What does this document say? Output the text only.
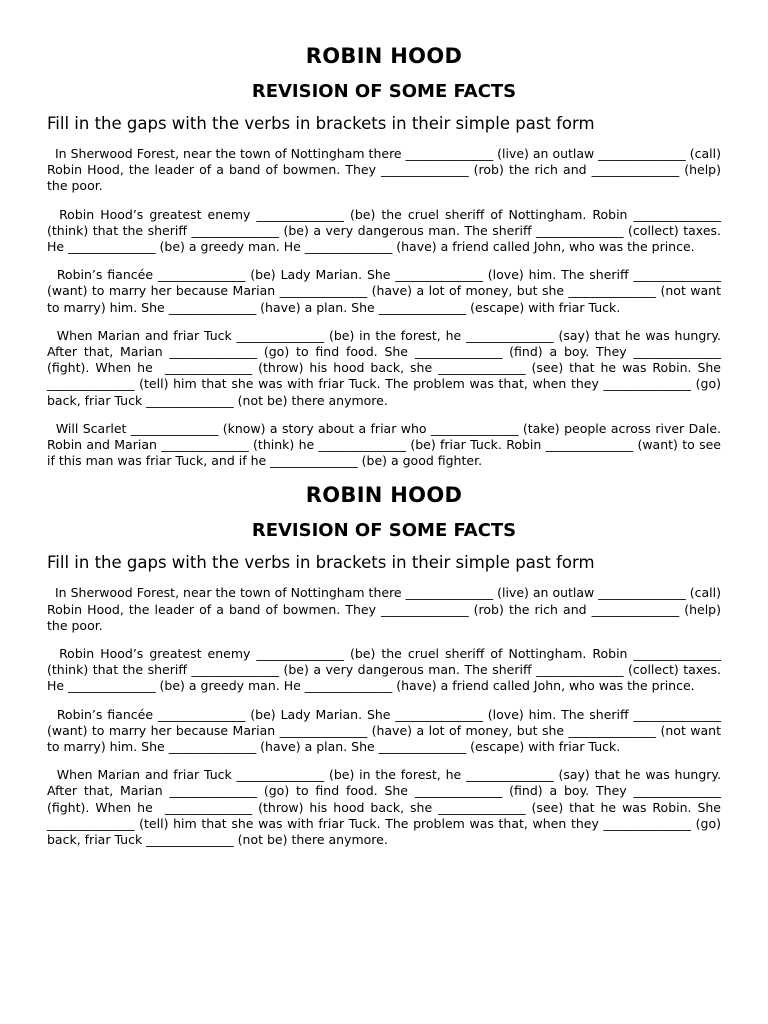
ROBIN HOOD
REVISION OF SOME FACTS

Fill in the gaps with the verbs in brackets in their simple past form

In Sherwood Forest, near the town of Nottingham there ______________ (live) an outlaw ______________ (call) Robin Hood, the leader of a band of bowmen. They ______________ (rob) the rich and ______________ (help) the poor.

Robin Hood’s greatest enemy ______________ (be) the cruel sheriff of Nottingham. Robin ______________ (think) that the sheriff ______________ (be) a very dangerous man. The sheriff ______________ (collect) taxes. He ______________ (be) a greedy man. He ______________ (have) a friend called John, who was the prince.

Robin’s fiancée ______________ (be) Lady Marian. She ______________ (love) him. The sheriff ______________ (want) to marry her because Marian ______________ (have) a lot of money, but she ______________ (not want to marry) him. She ______________ (have) a plan. She ______________ (escape) with friar Tuck.

When Marian and friar Tuck ______________ (be) in the forest, he ______________ (say) that he was hungry. After that, Marian ______________ (go) to find food. She ______________ (find) a boy. They ______________ (fight). When he  ______________ (throw) his hood back, she ______________ (see) that he was Robin. She ______________ (tell) him that she was with friar Tuck. The problem was that, when they ______________ (go) back, friar Tuck ______________ (not be) there anymore.

Will Scarlet ______________ (know) a story about a friar who ______________ (take) people across river Dale. Robin and Marian ______________ (think) he ______________ (be) friar Tuck. Robin ______________ (want) to see if this man was friar Tuck, and if he ______________ (be) a good fighter.

ROBIN HOOD
REVISION OF SOME FACTS

Fill in the gaps with the verbs in brackets in their simple past form

In Sherwood Forest, near the town of Nottingham there ______________ (live) an outlaw ______________ (call) Robin Hood, the leader of a band of bowmen. They ______________ (rob) the rich and ______________ (help) the poor.

Robin Hood’s greatest enemy ______________ (be) the cruel sheriff of Nottingham. Robin ______________ (think) that the sheriff ______________ (be) a very dangerous man. The sheriff ______________ (collect) taxes. He ______________ (be) a greedy man. He ______________ (have) a friend called John, who was the prince.

Robin’s fiancée ______________ (be) Lady Marian. She ______________ (love) him. The sheriff ______________ (want) to marry her because Marian ______________ (have) a lot of money, but she ______________ (not want to marry) him. She ______________ (have) a plan. She ______________ (escape) with friar Tuck.

When Marian and friar Tuck ______________ (be) in the forest, he ______________ (say) that he was hungry. After that, Marian ______________ (go) to find food. She ______________ (find) a boy. They ______________ (fight). When he  ______________ (throw) his hood back, she ______________ (see) that he was Robin. She ______________ (tell) him that she was with friar Tuck. The problem was that, when they ______________ (go) back, friar Tuck ______________ (not be) there anymore.
